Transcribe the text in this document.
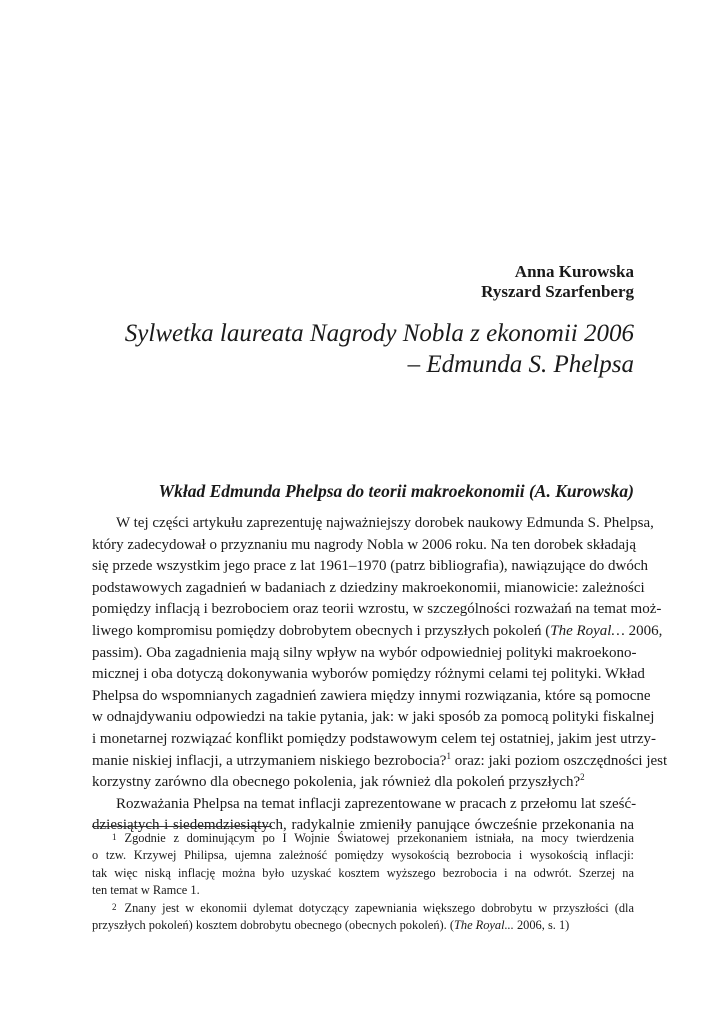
Anna Kurowska
Ryszard Szarfenberg
Sylwetka laureata Nagrody Nobla z ekonomii 2006
– Edmunda S. Phelpsa
Wkład Edmunda Phelpsa do teorii makroekonomii (A. Kurowska)
W tej części artykułu zaprezentuję najważniejszy dorobek naukowy Edmunda S. Phelpsa,
który zadecydował o przyznaniu mu nagrody Nobla w 2006 roku. Na ten dorobek składają
się przede wszystkim jego prace z lat 1961–1970 (patrz bibliografia), nawiązujące do dwóch
podstawowych zagadnień w badaniach z dziedziny makroekonomii, mianowicie: zależności
pomiędzy inflacją i bezrobociem oraz teorii wzrostu, w szczególności rozważań na temat moż-
liwego kompromisu pomiędzy dobrobytem obecnych i przyszłych pokoleń (The Royal… 2006,
passim). Oba zagadnienia mają silny wpływ na wybór odpowiedniej polityki makroekono-
micznej i oba dotyczą dokonywania wyborów pomiędzy różnymi celami tej polityki. Wkład
Phelpsa do wspomnianych zagadnień zawiera między innymi rozwiązania, które są pomocne
w odnajdywaniu odpowiedzi na takie pytania, jak: w jaki sposób za pomocą polityki fiskalnej
i monetarnej rozwiązać konflikt pomiędzy podstawowym celem tej ostatniej, jakim jest utrzy-
manie niskiej inflacji, a utrzymaniem niskiego bezrobocia?$^1$ oraz: jaki poziom oszczędności jest
korzystny zarówno dla obecnego pokolenia, jak również dla pokoleń przyszłych?$^2$
Rozważania Phelpsa na temat inflacji zaprezentowane w pracach z przełomu lat sześć-
dziesiątych i siedemdziesiątych, radykalnie zmieniły panujące ówcześnie przekonania na
$^1$ Zgodnie z dominującym po I Wojnie Światowej przekonaniem istniała, na mocy twierdzenia
o tzw. Krzywej Philipsa, ujemna zależność pomiędzy wysokością bezrobocia i wysokością inflacji:
tak więc niską inflację można było uzyskać kosztem wyższego bezrobocia i na odwrót. Szerzej na
ten temat w Ramce 1.
$^2$ Znany jest w ekonomii dylemat dotyczący zapewniania większego dobrobytu w przyszłości (dla
przyszłych pokoleń) kosztem dobrobytu obecnego (obecnych pokoleń). (The Royal... 2006, s. 1)
